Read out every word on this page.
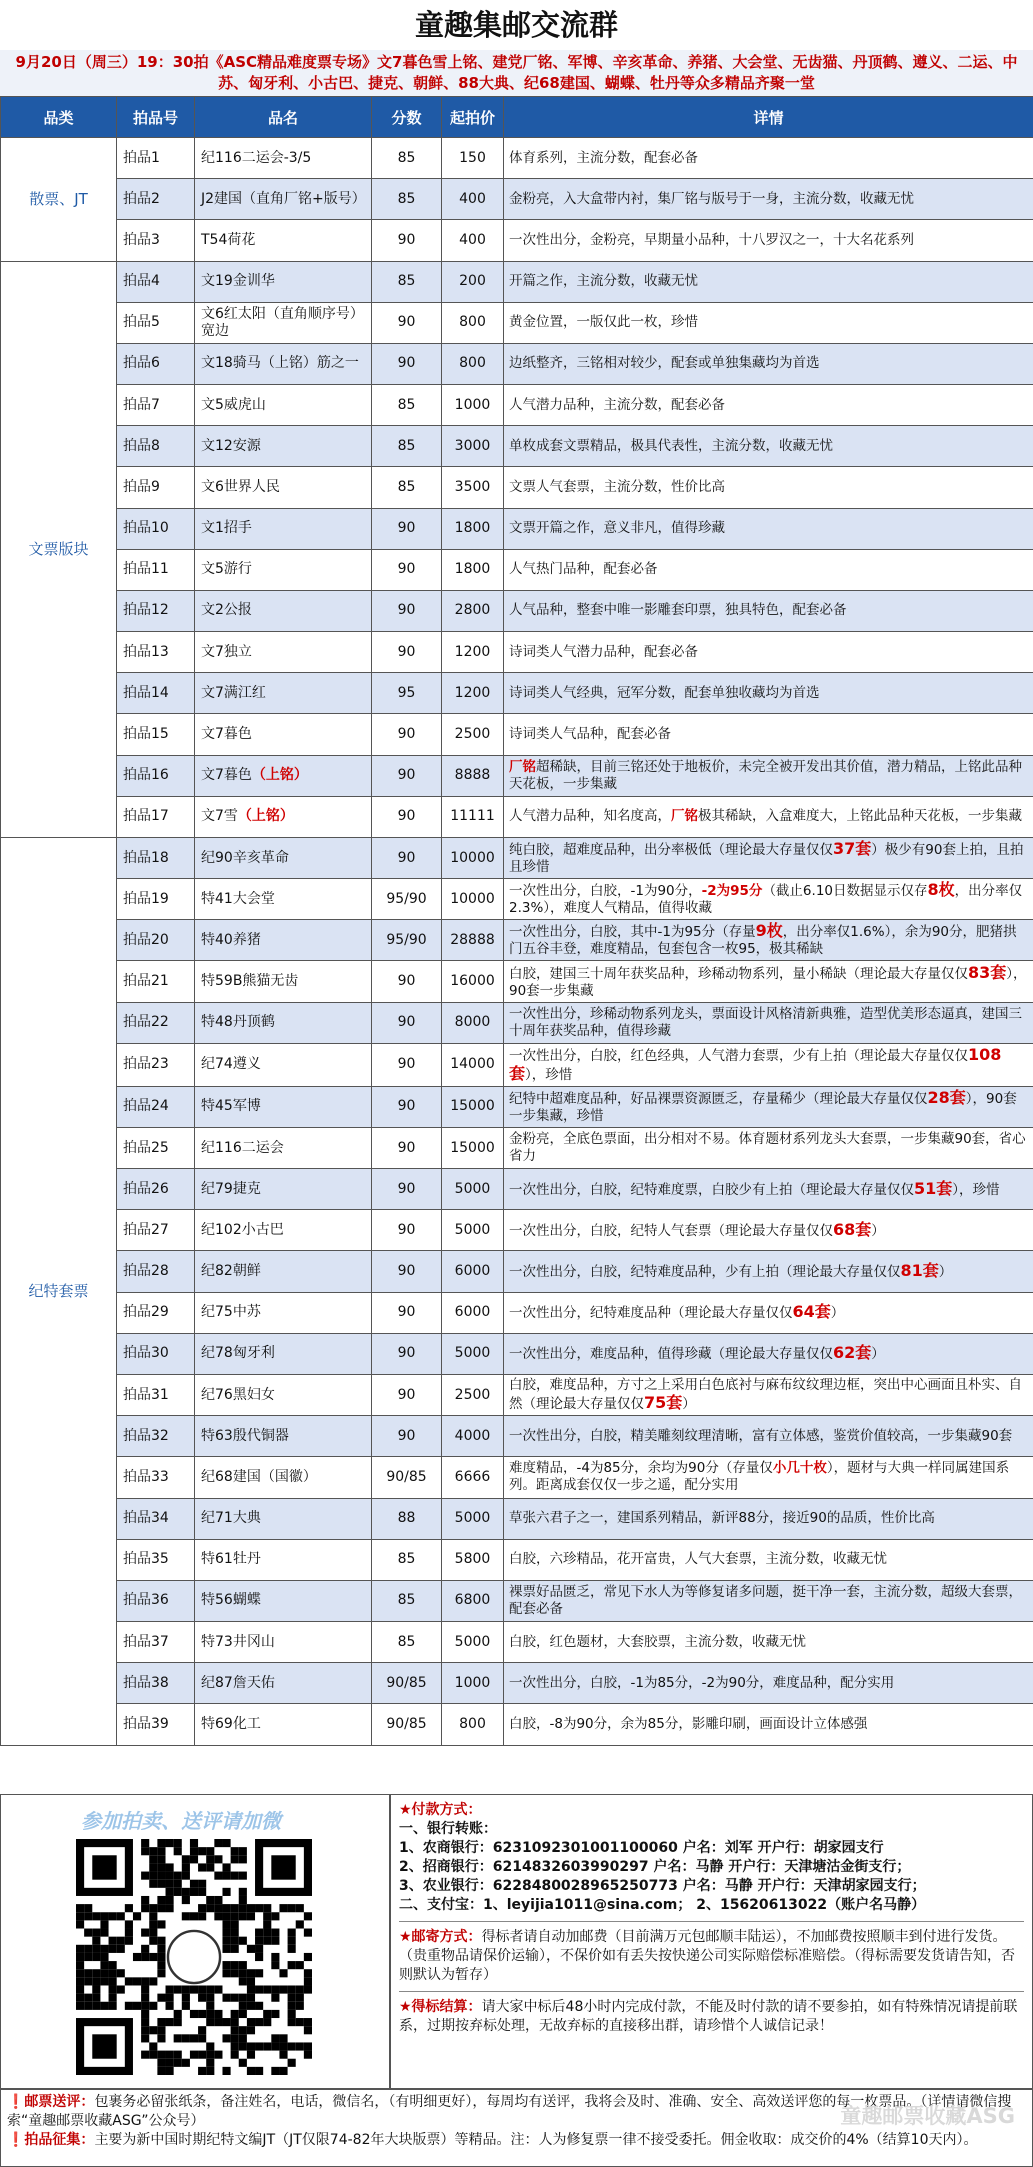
童趣集邮交流群
9月20日（周三）19：30拍《ASC精品难度票专场》文7暮色雪上铭、建党厂铭、军博、辛亥革命、养猪、大会堂、无齿猫、丹顶鹤、遵义、二运、中苏、匈牙利、小古巴、捷克、朝鲜、88大典、纪68建国、蝴蝶、牡丹等众多精品齐聚一堂
品类	拍品号	品名	分数	起拍价	详情
散票、JT	拍品1	纪116二运会-3/5	85	150	体育系列，主流分数，配套必备
	拍品2	J2建国（直角厂铭+版号）	85	400	金粉亮，入大盒带内衬，集厂铭与版号于一身，主流分数，收藏无忧
	拍品3	T54荷花	90	400	一次性出分，金粉亮，早期量小品种，十八罗汉之一，十大名花系列
文票版块	拍品4	文19金训华	85	200	开篇之作，主流分数，收藏无忧
	拍品5	文6红太阳（直角顺序号）宽边	90	800	黄金位置，一版仅此一枚，珍惜
	拍品6	文18骑马（上铭）筋之一	90	800	边纸整齐，三铭相对较少，配套或单独集藏均为首选
	拍品7	文5威虎山	85	1000	人气潜力品种，主流分数，配套必备
	拍品8	文12安源	85	3000	单枚成套文票精品，极具代表性，主流分数，收藏无忧
	拍品9	文6世界人民	85	3500	文票人气套票，主流分数，性价比高
	拍品10	文1招手	90	1800	文票开篇之作，意义非凡，值得珍藏
	拍品11	文5游行	90	1800	人气热门品种，配套必备
	拍品12	文2公报	90	2800	人气品种，整套中唯一影雕套印票，独具特色，配套必备
	拍品13	文7独立	90	1200	诗词类人气潜力品种，配套必备
	拍品14	文7满江红	95	1200	诗词类人气经典，冠军分数，配套单独收藏均为首选
	拍品15	文7暮色	90	2500	诗词类人气品种，配套必备
	拍品16	文7暮色（上铭）	90	8888	厂铭超稀缺，目前三铭还处于地板价，未完全被开发出其价值，潜力精品，上铭此品种天花板，一步集藏
	拍品17	文7雪（上铭）	90	11111	人气潜力品种，知名度高，厂铭极其稀缺，入盒难度大，上铭此品种天花板，一步集藏
纪特套票	拍品18	纪90辛亥革命	90	10000	纯白胶，超难度品种，出分率极低（理论最大存量仅仅37套）极少有90套上拍，且拍且珍惜
	拍品19	特41大会堂	95/90	10000	一次性出分，白胶，-1为90分，-2为95分（截止6.10日数据显示仅存8枚，出分率仅2.3%），难度人气精品，值得收藏
	拍品20	特40养猪	95/90	28888	一次性出分，白胶，其中-1为95分（存量9枚，出分率仅1.6%），余为90分，肥猪拱门五谷丰登，难度精品，包套包含一枚95，极其稀缺
	拍品21	特59B熊猫无齿	90	16000	白胶，建国三十周年获奖品种，珍稀动物系列，量小稀缺（理论最大存量仅仅83套），90套一步集藏
	拍品22	特48丹顶鹤	90	8000	一次性出分，珍稀动物系列龙头，票面设计风格清新典雅，造型优美形态逼真，建国三十周年获奖品种，值得珍藏
	拍品23	纪74遵义	90	14000	一次性出分，白胶，红色经典，人气潜力套票，少有上拍（理论最大存量仅仅108套），珍惜
	拍品24	特45军博	90	15000	纪特中超难度品种，好品裸票资源匮乏，存量稀少（理论最大存量仅仅28套），90套一步集藏，珍惜
	拍品25	纪116二运会	90	15000	金粉亮，全底色票面，出分相对不易。体育题材系列龙头大套票，一步集藏90套，省心省力
	拍品26	纪79捷克	90	5000	一次性出分，白胶，纪特难度票，白胶少有上拍（理论最大存量仅仅51套），珍惜
	拍品27	纪102小古巴	90	5000	一次性出分，白胶，纪特人气套票（理论最大存量仅仅68套）
	拍品28	纪82朝鲜	90	6000	一次性出分，白胶，纪特难度品种，少有上拍（理论最大存量仅仅81套）
	拍品29	纪75中苏	90	6000	一次性出分，纪特难度品种（理论最大存量仅仅64套）
	拍品30	纪78匈牙利	90	5000	一次性出分，难度品种，值得珍藏（理论最大存量仅仅62套）
	拍品31	纪76黑妇女	90	2500	白胶，难度品种，方寸之上采用白色底衬与麻布纹纹理边框，突出中心画面且朴实、自然（理论最大存量仅仅75套）
	拍品32	特63殷代铜器	90	4000	一次性出分，白胶，精美雕刻纹理清晰，富有立体感，鉴赏价值较高，一步集藏90套
	拍品33	纪68建国（国徽）	90/85	6666	难度精品，-4为85分，余均为90分（存量仅小几十枚），题材与大典一样同属建国系列。距离成套仅仅一步之遥，配分实用
	拍品34	纪71大典	88	5000	草张六君子之一，建国系列精品，新评88分，接近90的品质，性价比高
	拍品35	特61牡丹	85	5800	白胶，六珍精品，花开富贵，人气大套票，主流分数，收藏无忧
	拍品36	特56蝴蝶	85	6800	裸票好品匮乏，常见下水人为等修复诸多问题，挺干净一套，主流分数，超级大套票，配套必备
	拍品37	特73井冈山	85	5000	白胶，红色题材，大套胶票，主流分数，收藏无忧
	拍品38	纪87詹天佑	90/85	1000	一次性出分，白胶，-1为85分，-2为90分，难度品种，配分实用
	拍品39	特69化工	90/85	800	白胶，-8为90分，余为85分，影雕印刷，画面设计立体感强
参加拍卖、送评请加微	★付款方式：
一、银行转账：
1、农商银行：6231092301001100060 户名：刘军 开户行：胡家园支行
2、招商银行：6214832603990297 户名：马静 开户行：天津塘沽金街支行；
3、农业银行：6228480028965250773 户名：马静 开户行：天津胡家园支行；
二、支付宝：1、leyijia1011@sina.com； 2、15620613022（账户名马静）
★邮寄方式：得标者请自动加邮费（目前满万元包邮顺丰陆运），不加邮费按照顺丰到付进行发货。（贵重物品请保价运输），不保价如有丢失按快递公司实际赔偿标准赔偿。（得标需要发货请告知，否则默认为暂存）
★得标结算：请大家中标后48小时内完成付款，不能及时付款的请不要参拍，如有特殊情况请提前联系，过期按弃标处理，无故弃标的直接移出群，请珍惜个人诚信记录！
❗邮票送评：包裹务必留张纸条，备注姓名，电话，微信名，（有明细更好），每周均有送评，我将会及时、准确、安全、高效送评您的每一枚票品。（详情请微信搜索“童趣邮票收藏ASG”公众号）
❗拍品征集：主要为新中国时期纪特文编JT（JT仅限74-82年大块版票）等精品。注：人为修复票一律不接受委托。佣金收取：成交价的4%（结算10天内）。
童趣邮票收藏ASG
